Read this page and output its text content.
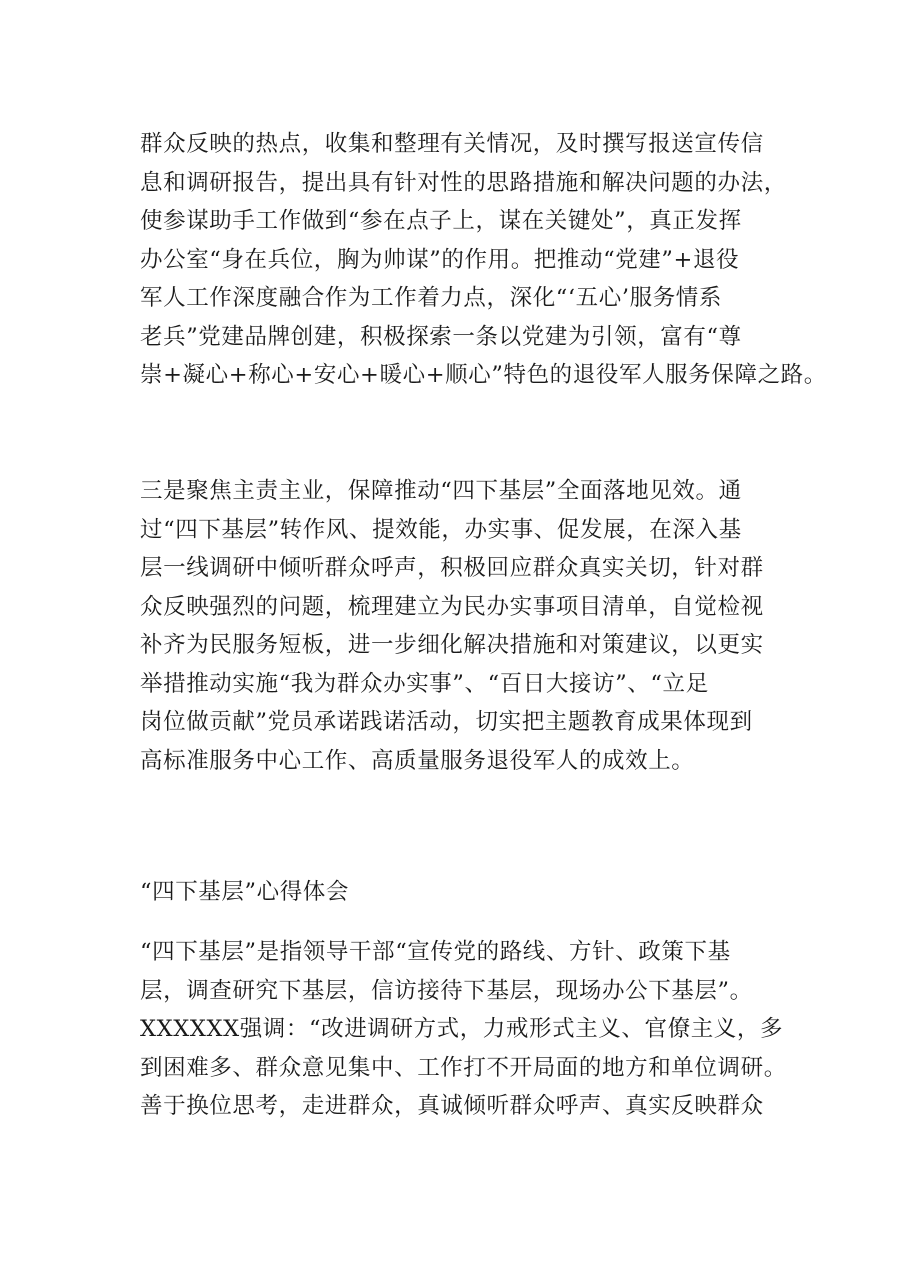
群众反映的热点，收集和整理有关情况，及时撰写报送宣传信
息和调研报告，提出具有针对性的思路措施和解决问题的办法，
使参谋助手工作做到“参在点子上，谋在关键处”，真正发挥
办公室“身在兵位，胸为帅谋”的作用。把推动“党建”+退役
军人工作深度融合作为工作着力点，深化“‘五心’服务情系
老兵”党建品牌创建，积极探索一条以党建为引领，富有“尊
崇+凝心+称心+安心+暖心+顺心”特色的退役军人服务保障之路。
三是聚焦主责主业，保障推动“四下基层”全面落地见效。通
过“四下基层”转作风、提效能，办实事、促发展，在深入基
层一线调研中倾听群众呼声，积极回应群众真实关切，针对群
众反映强烈的问题，梳理建立为民办实事项目清单，自觉检视
补齐为民服务短板，进一步细化解决措施和对策建议，以更实
举措推动实施“我为群众办实事”、“百日大接访”、“立足
岗位做贡献”党员承诺践诺活动，切实把主题教育成果体现到
高标准服务中心工作、高质量服务退役军人的成效上。
“四下基层”心得体会
“四下基层”是指领导干部“宣传党的路线、方针、政策下基
层，调查研究下基层，信访接待下基层，现场办公下基层”。
XXXXXX强调：“改进调研方式，力戒形式主义、官僚主义，多
到困难多、群众意见集中、工作打不开局面的地方和单位调研。
善于换位思考，走进群众，真诚倾听群众呼声、真实反映群众
